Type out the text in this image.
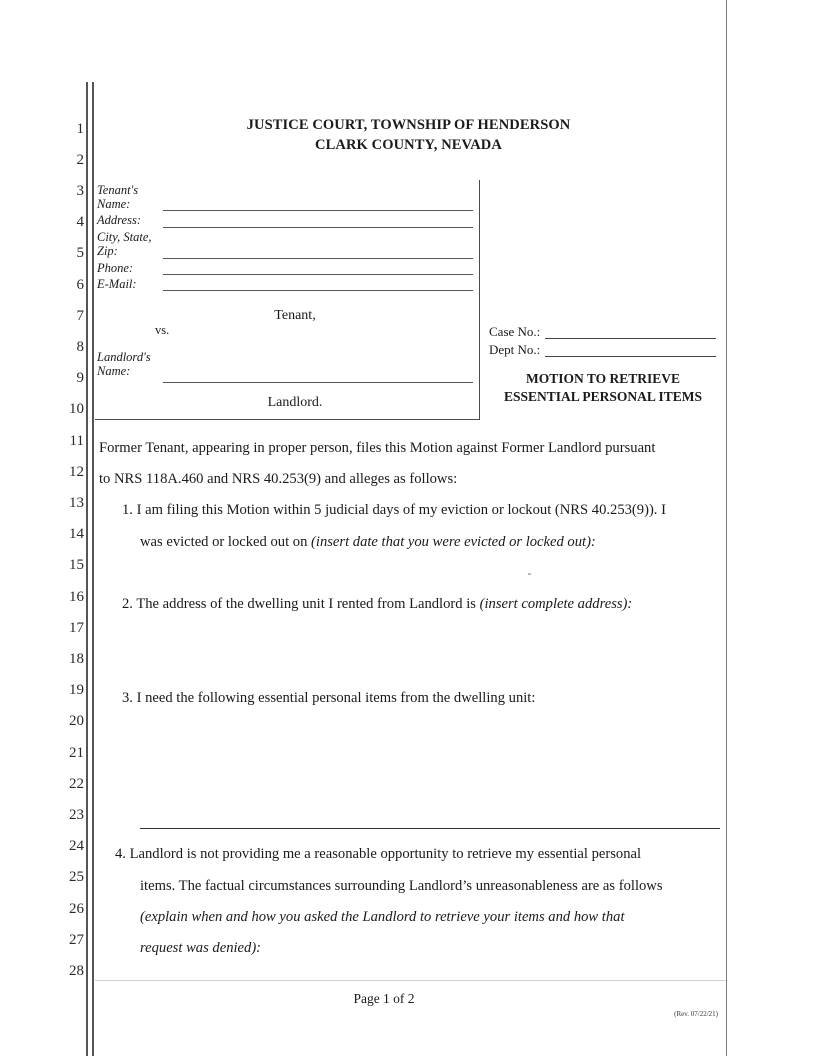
1
2
3
4
5
6
7
8
9
10
11
12
13
14
15
16
17
18
19
20
21
22
23
24
25
26
27
28
JUSTICE COURT, TOWNSHIP OF HENDERSON
CLARK COUNTY, NEVADA
Tenant's
Name:
Address:
City, State,
Zip:
Phone:
E-Mail:
Tenant,
vs.
Landlord's
Name:
Landlord.
Case No.:
Dept No.:
MOTION TO RETRIEVE
ESSENTIAL PERSONAL ITEMS
Former Tenant, appearing in proper person, files this Motion against Former Landlord pursuant
to NRS 118A.460 and NRS 40.253(9) and alleges as follows:
1. I am filing this Motion within 5 judicial days of my eviction or lockout (NRS 40.253(9)). I
was evicted or locked out on (insert date that you were evicted or locked out):
2. The address of the dwelling unit I rented from Landlord is (insert complete address):
3. I need the following essential personal items from the dwelling unit:
4. Landlord is not providing me a reasonable opportunity to retrieve my essential personal
items. The factual circumstances surrounding Landlord’s unreasonableness are as follows
(explain when and how you asked the Landlord to retrieve your items and how that
request was denied):
Page 1 of 2
(Rev. 07/22/21)
